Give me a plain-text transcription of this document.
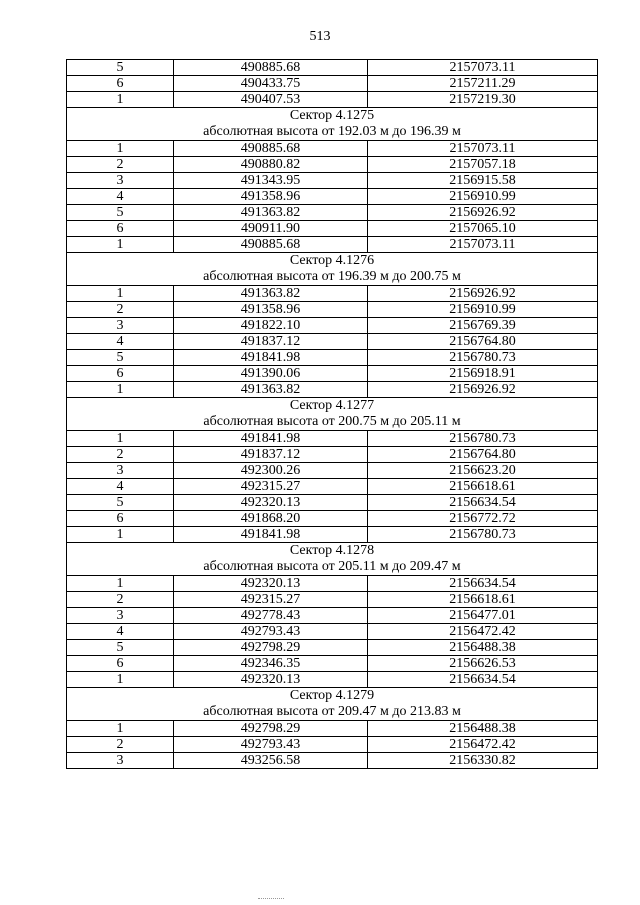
513
5	490885.68	2157073.11
6	490433.75	2157211.29
1	490407.53	2157219.30
Сектор 4.1275		
абсолютная высота от 192.03 м до 196.39 м		
1	490885.68	2157073.11
2	490880.82	2157057.18
3	491343.95	2156915.58
4	491358.96	2156910.99
5	491363.82	2156926.92
6	490911.90	2157065.10
1	490885.68	2157073.11
Сектор 4.1276		
абсолютная высота от 196.39 м до 200.75 м		
1	491363.82	2156926.92
2	491358.96	2156910.99
3	491822.10	2156769.39
4	491837.12	2156764.80
5	491841.98	2156780.73
6	491390.06	2156918.91
1	491363.82	2156926.92
Сектор 4.1277		
абсолютная высота от 200.75 м до 205.11 м		
1	491841.98	2156780.73
2	491837.12	2156764.80
3	492300.26	2156623.20
4	492315.27	2156618.61
5	492320.13	2156634.54
6	491868.20	2156772.72
1	491841.98	2156780.73
Сектор 4.1278		
абсолютная высота от 205.11 м до 209.47 м		
1	492320.13	2156634.54
2	492315.27	2156618.61
3	492778.43	2156477.01
4	492793.43	2156472.42
5	492798.29	2156488.38
6	492346.35	2156626.53
1	492320.13	2156634.54
Сектор 4.1279		
абсолютная высота от 209.47 м до 213.83 м		
1	492798.29	2156488.38
2	492793.43	2156472.42
3	493256.58	2156330.82
